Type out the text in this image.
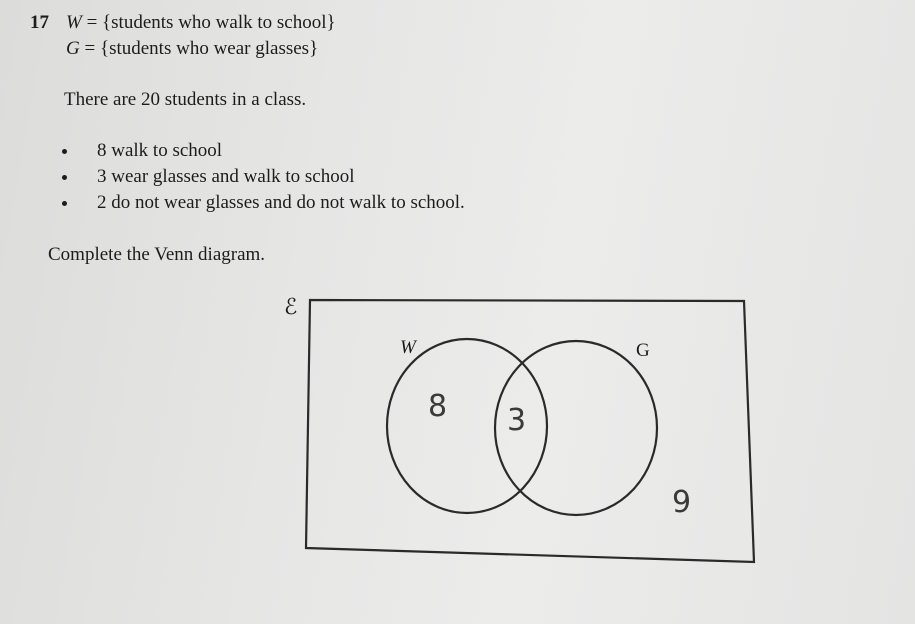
17 W = {students who walk to school}
G = {students who wear glasses}
There are 20 students in a class.
8 walk to school
3 wear glasses and walk to school
2 do not wear glasses and do not walk to school.
Complete the Venn diagram.
ℰ
W	G
8 3
9
